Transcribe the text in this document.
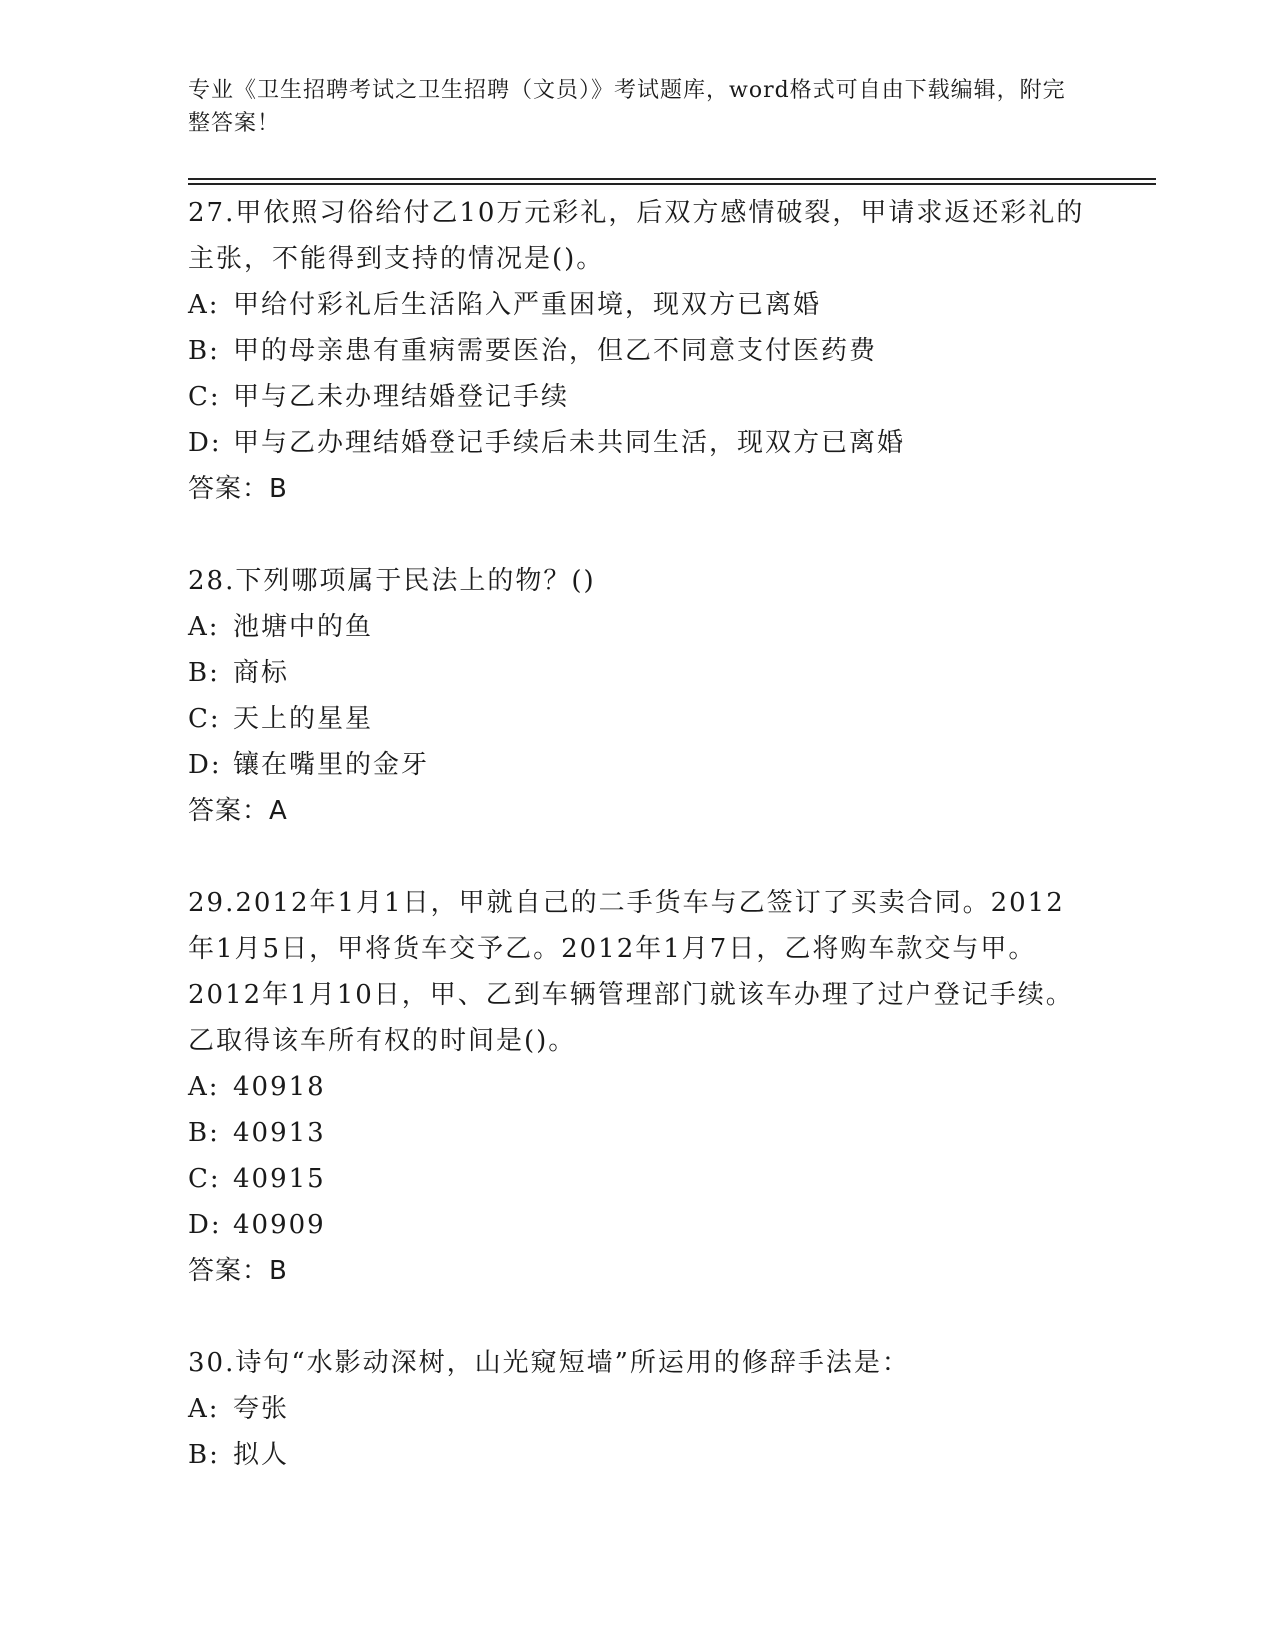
专业《卫生招聘考试之卫生招聘（文员）》考试题库，word格式可自由下载编辑，附完整答案！
27.甲依照习俗给付乙10万元彩礼，后双方感情破裂，甲请求返还彩礼的主张，不能得到支持的情况是()。
A: 甲给付彩礼后生活陷入严重困境，现双方已离婚
B: 甲的母亲患有重病需要医治，但乙不同意支付医药费
C: 甲与乙未办理结婚登记手续
D: 甲与乙办理结婚登记手续后未共同生活，现双方已离婚
答案：B
28.下列哪项属于民法上的物？()
A: 池塘中的鱼
B: 商标
C: 天上的星星
D: 镶在嘴里的金牙
答案：A
29.2012年1月1日，甲就自己的二手货车与乙签订了买卖合同。2012年1月5日，甲将货车交予乙。2012年1月7日，乙将购车款交与甲。2012年1月10日，甲、乙到车辆管理部门就该车办理了过户登记手续。乙取得该车所有权的时间是()。
A: 40918
B: 40913
C: 40915
D: 40909
答案：B
30.诗句“水影动深树，山光窥短墙”所运用的修辞手法是：
A: 夸张
B: 拟人
